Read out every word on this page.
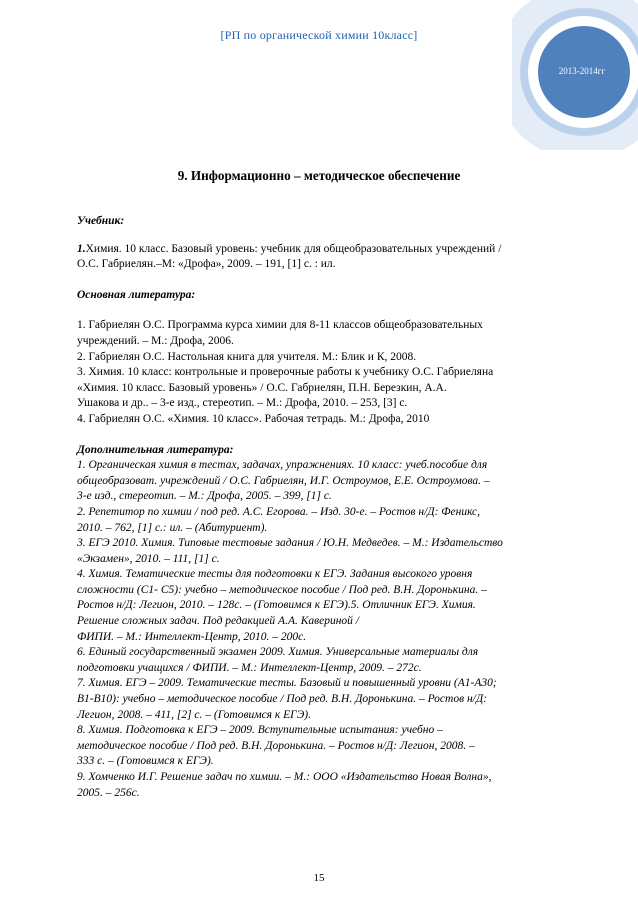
[РП по органической химии 10класс]
2013-2014гг
9. Информационно – методическое обеспечение

Учебник:

1.Химия. 10 класс. Базовый уровень: учебник для общеобразовательных учреждений /

О.С. Габриелян.–М: «Дрофа», 2009. – 191, [1] с. : ил.

Основная литература:

1. Габриелян О.С. Программа курса химии для 8-11 классов общеобразовательных

учреждений. – М.: Дрофа, 2006.

2. Габриелян О.С. Настольная книга для учителя. М.: Блик и К, 2008.

3. Химия. 10 класс: контрольные и проверочные работы к учебнику О.С. Габриеляна

«Химия. 10 класс. Базовый уровень» / О.С. Габриелян, П.Н. Березкин, А.А.

Ушакова и др.. – 3-е изд., стереотип. – М.: Дрофа, 2010. – 253, [3] с.

4. Габриелян О.С. «Химия. 10 класс». Рабочая тетрадь. М.: Дрофа, 2010

Дополнительная литература:

1. Органическая химия в тестах, задачах, упражнениях. 10 класс: учеб.пособие для

общеобразоват. учреждений / О.С. Габриелян, И.Г. Остроумов, Е.Е. Остроумова. –

3-е изд., стереотип. – М.: Дрофа, 2005. – 399, [1] с.

2. Репетитор по химии / под ред. А.С. Егорова. – Изд. 30-е. – Ростов н/Д: Феникс,

2010. – 762, [1] с.: ил. – (Абитуриент).

3. ЕГЭ 2010. Химия. Типовые тестовые задания / Ю.Н. Медведев. – М.: Издательство

«Экзамен», 2010. – 111, [1] с.

4. Химия. Тематические тесты для подготовки к ЕГЭ. Задания высокого уровня

сложности (С1- С5): учебно – методическое пособие / Под ред. В.Н. Доронькина. –

Ростов н/Д: Легион, 2010. – 128с. – (Готовимся к ЕГЭ).5. Отличник ЕГЭ. Химия.

Решение сложных задач. Под редакцией А.А. Кавериной /

ФИПИ. – М.: Интеллект-Центр, 2010. – 200с.

6. Единый государственный экзамен 2009. Химия. Универсальные материалы для

подготовки учащихся / ФИПИ. – М.: Интеллект-Центр, 2009. – 272с.

7. Химия. ЕГЭ – 2009. Тематические тесты. Базовый и повышенный уровни (А1-А30;

В1-В10): учебно – методическое пособие / Под ред. В.Н. Доронькина. – Ростов н/Д:

Легион, 2008. – 411, [2] с. – (Готовимся к ЕГЭ).

8. Химия. Подготовка к ЕГЭ – 2009. Вступительные испытания: учебно –

методическое пособие / Под ред. В.Н. Доронькина. – Ростов н/Д: Легион, 2008. –

333 с. – (Готовимся к ЕГЭ).

9. Хомченко И.Г. Решение задач по химии. – М.: ООО «Издательство Новая Волна»,

2005. – 256с.

15
